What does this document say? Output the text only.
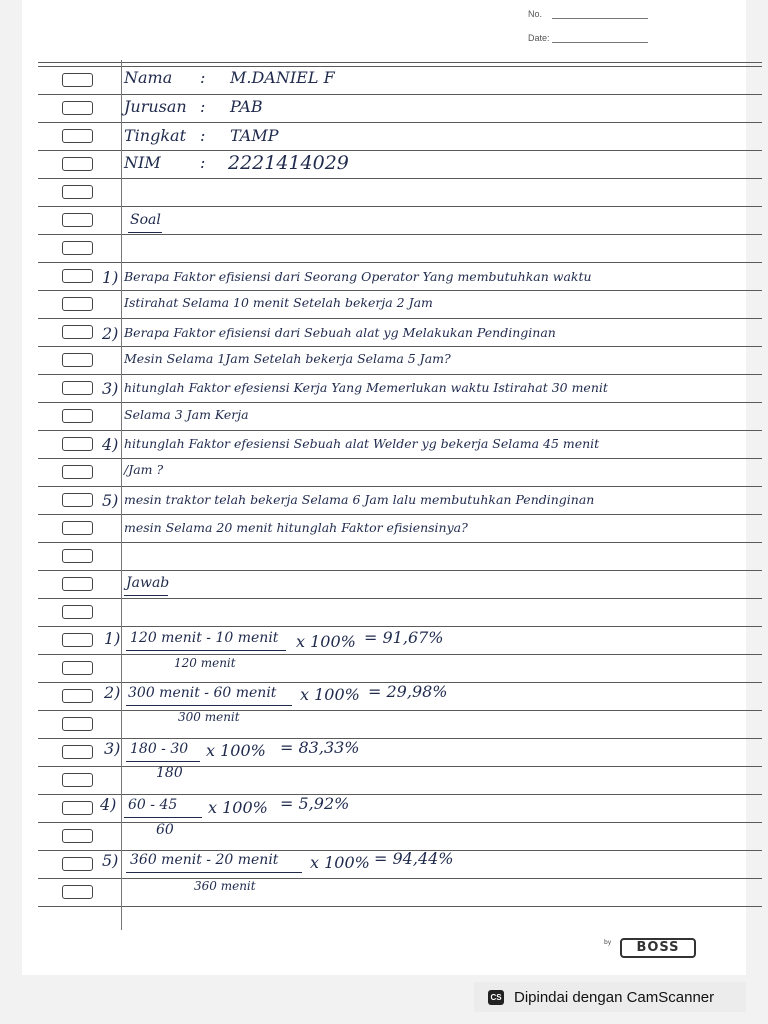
No.
Date:
Nama : M.DANIEL F
Jurusan : PAB
Tingkat : TAMP
NIM : 2221414029
Soal
1) Berapa Faktor efisiensi dari Seorang Operator Yang membutuhkan waktu
Istirahat Selama 10 menit Setelah bekerja 2 Jam
2) Berapa Faktor efisiensi dari Sebuah alat yg Melakukan Pendinginan
Mesin Selama 1Jam Setelah bekerja Selama 5 Jam?
3) hitunglah Faktor efesiensi Kerja Yang Memerlukan waktu Istirahat 30 menit
Selama 3 Jam Kerja
4) hitunglah Faktor efesiensi Sebuah alat Welder yg bekerja Selama 45 menit
/Jam ?
5) mesin traktor telah bekerja Selama 6 Jam lalu membutuhkan Pendinginan
mesin Selama 20 menit hitunglah Faktor efisiensinya?
Jawab
1) 120 menit - 10 menit
120 menit
x 100% = 91,67%
2) 300 menit - 60 menit
300 menit
x 100% = 29,98%
3) 180 - 30
180
x 100% = 83,33%
4) 60 - 45
60
x 100% = 5,92%
5) 360 menit - 20 menit
360 menit
x 100% = 94,44%
by	BOSS
CS Dipindai dengan CamScanner
